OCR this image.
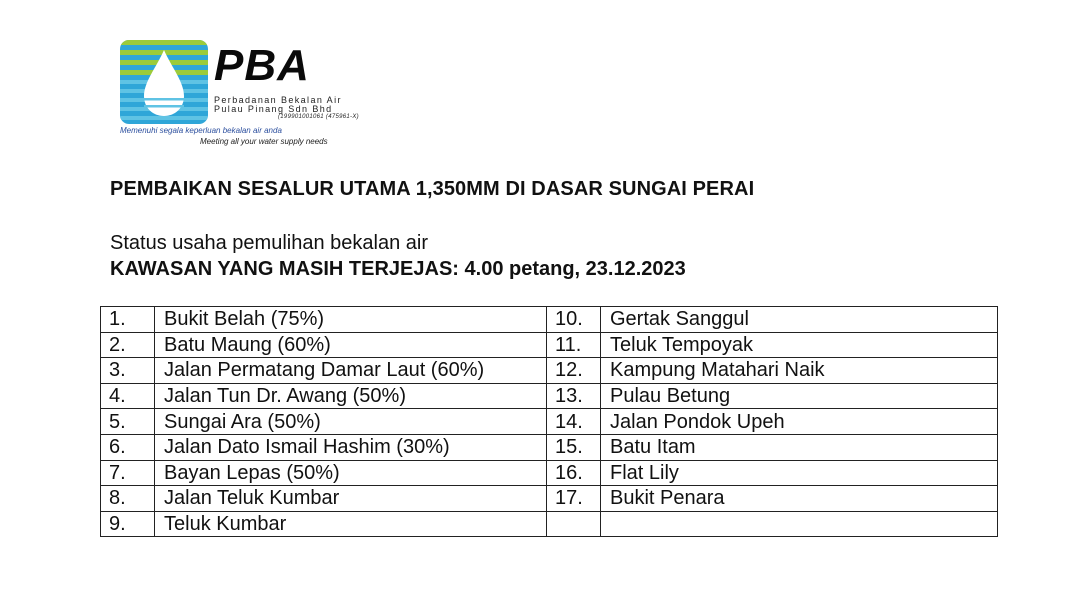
PBA
Perbadanan Bekalan Air
Pulau Pinang Sdn Bhd
(199901001061 (475961-X)
Memenuhi segala keperluan bekalan air anda
Meeting all your water supply needs
PEMBAIKAN SESALUR UTAMA 1,350MM DI DASAR SUNGAI PERAI
Status usaha pemulihan bekalan air
KAWASAN YANG MASIH TERJEJAS: 4.00 petang, 23.12.2023
1.	Bukit Belah (75%)	10.	Gertak Sanggul
2.	Batu Maung (60%)	11.	Teluk Tempoyak
3.	Jalan Permatang Damar Laut (60%)	12.	Kampung Matahari Naik
4.	Jalan Tun Dr. Awang (50%)	13.	Pulau Betung
5.	Sungai Ara (50%)	14.	Jalan Pondok Upeh
6.	Jalan Dato Ismail Hashim (30%)	15.	Batu Itam
7.	Bayan Lepas (50%)	16.	Flat Lily
8.	Jalan Teluk Kumbar	17.	Bukit Penara
9.	Teluk Kumbar		
